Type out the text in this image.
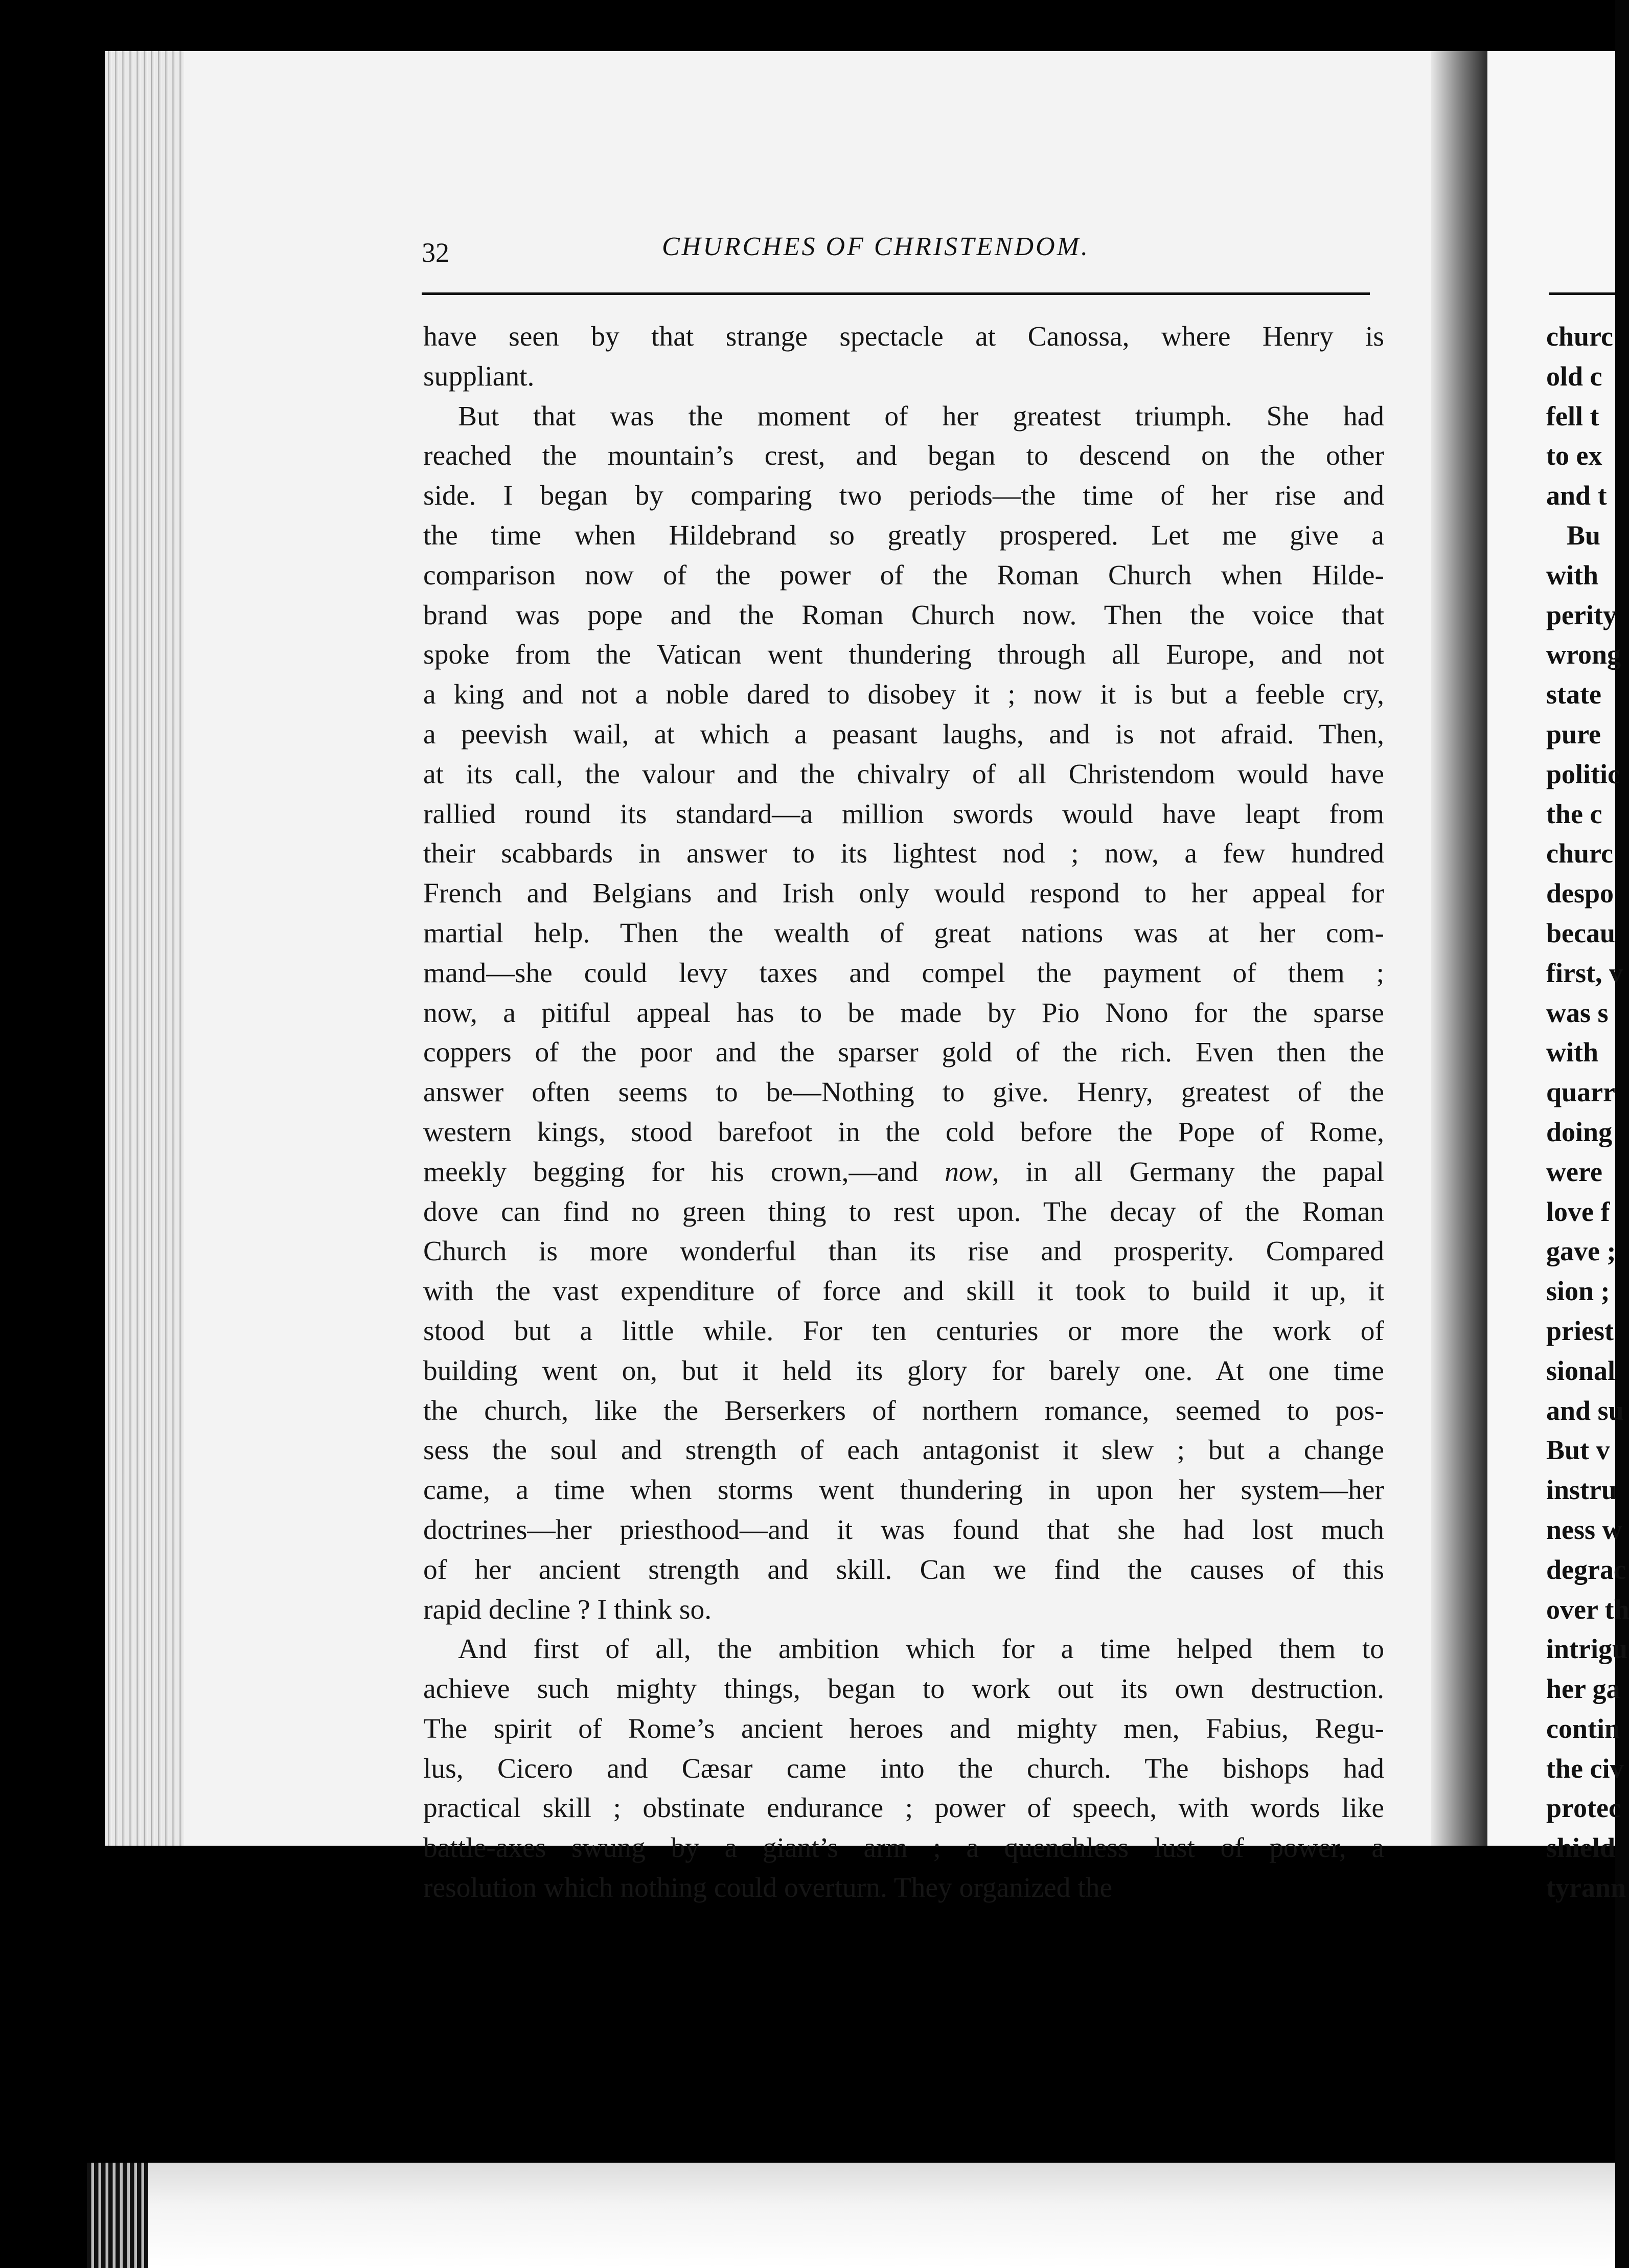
32	CHURCHES OF CHRISTENDOM.
have seen by that strange spectacle at Canossa, where Henry is
suppliant.
But that was the moment of her greatest triumph. She had
reached the mountain’s crest, and began to descend on the other
side. I began by comparing two periods—the time of her rise and
the time when Hildebrand so greatly prospered. Let me give a
comparison now of the power of the Roman Church when Hilde-
brand was pope and the Roman Church now. Then the voice that
spoke from the Vatican went thundering through all Europe, and not
a king and not a noble dared to disobey it ; now it is but a feeble cry,
a peevish wail, at which a peasant laughs, and is not afraid. Then,
at its call, the valour and the chivalry of all Christendom would have
rallied round its standard—a million swords would have leapt from
their scabbards in answer to its lightest nod ; now, a few hundred
French and Belgians and Irish only would respond to her appeal for
martial help. Then the wealth of great nations was at her com-
mand—she could levy taxes and compel the payment of them ;
now, a pitiful appeal has to be made by Pio Nono for the sparse
coppers of the poor and the sparser gold of the rich. Even then the
answer often seems to be—Nothing to give. Henry, greatest of the
western kings, stood barefoot in the cold before the Pope of Rome,
meekly begging for his crown,—and now, in all Germany the papal
dove can find no green thing to rest upon. The decay of the Roman
Church is more wonderful than its rise and prosperity. Compared
with the vast expenditure of force and skill it took to build it up, it
stood but a little while. For ten centuries or more the work of
building went on, but it held its glory for barely one. At one time
the church, like the Berserkers of northern romance, seemed to pos-
sess the soul and strength of each antagonist it slew ; but a change
came, a time when storms went thundering in upon her system—her
doctrines—her priesthood—and it was found that she had lost much
of her ancient strength and skill. Can we find the causes of this
rapid decline ? I think so.
And first of all, the ambition which for a time helped them to
achieve such mighty things, began to work out its own destruction.
The spirit of Rome’s ancient heroes and mighty men, Fabius, Regu-
lus, Cicero and Cæsar came into the church. The bishops had
practical skill ; obstinate endurance ; power of speech, with words like
battle-axes swung by a giant’s arm ; a quenchless lust of power, a
resolution which nothing could overturn. They organized the
churc
old c
fell t
to ex
and t
Bu
with
perity
wrong
state
pure
politic
the c
churc
despo
becau
first, v
was s
with
quarr
doing
were
love f
gave ;
sion ;
priest
sional
and su
But v
instru
ness w
degrac
over th
intrigu
her ga
contin
the civ
protec
shield
tyrann
